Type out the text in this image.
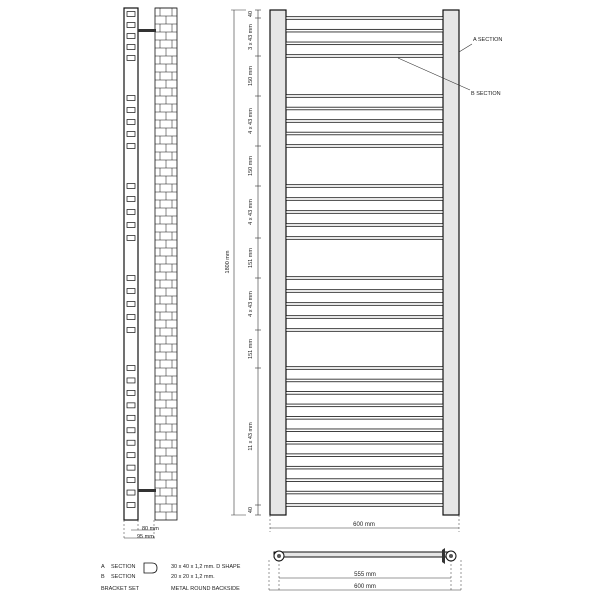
80 mm
95 mm
1800 mm
40
3 x 43 mm
150 mm
4 x 43 mm
150 mm
4 x 43 mm
151 mm
4 x 43 mm
151 mm
11 x 43 mm
40
A SECTION
B SECTION
600 mm
A SECTION	30 x 40 x 1,2 mm. D SHAPE
B SECTION	20 x 20 x 1,2 mm.
BRACKET SET	METAL ROUND BACKSIDE
555 mm
600 mm
